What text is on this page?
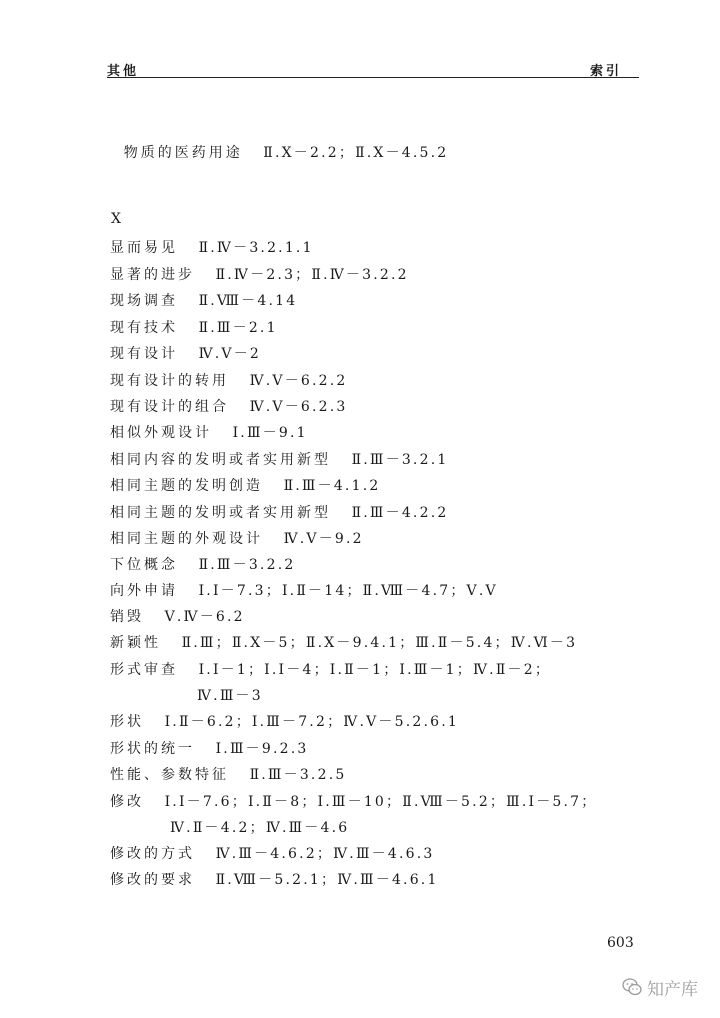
其他	索引

物质的医药用途 Ⅱ.Ⅹ－2.2；Ⅱ.Ⅹ－4.5.2

X
显而易见 Ⅱ.Ⅳ－3.2.1.1
显著的进步 Ⅱ.Ⅳ－2.3；Ⅱ.Ⅳ－3.2.2
现场调查 Ⅱ.Ⅷ－4.14
现有技术 Ⅱ.Ⅲ－2.1
现有设计 Ⅳ.Ⅴ－2
现有设计的转用 Ⅳ.Ⅴ－6.2.2
现有设计的组合 Ⅳ.Ⅴ－6.2.3
相似外观设计 Ⅰ.Ⅲ－9.1
相同内容的发明或者实用新型 Ⅱ.Ⅲ－3.2.1
相同主题的发明创造 Ⅱ.Ⅲ－4.1.2
相同主题的发明或者实用新型 Ⅱ.Ⅲ－4.2.2
相同主题的外观设计 Ⅳ.Ⅴ－9.2
下位概念 Ⅱ.Ⅲ－3.2.2
向外申请 Ⅰ.Ⅰ－7.3；Ⅰ.Ⅱ－14；Ⅱ.Ⅷ－4.7；Ⅴ.Ⅴ
销毁 Ⅴ.Ⅳ－6.2
新颖性 Ⅱ.Ⅲ；Ⅱ.Ⅹ－5；Ⅱ.Ⅹ－9.4.1；Ⅲ.Ⅱ－5.4；Ⅳ.Ⅵ－3
形式审查 Ⅰ.Ⅰ－1；Ⅰ.Ⅰ－4；Ⅰ.Ⅱ－1；Ⅰ.Ⅲ－1；Ⅳ.Ⅱ－2；
Ⅳ.Ⅲ－3
形状 Ⅰ.Ⅱ－6.2；Ⅰ.Ⅲ－7.2；Ⅳ.Ⅴ－5.2.6.1
形状的统一 Ⅰ.Ⅲ－9.2.3
性能、参数特征 Ⅱ.Ⅲ－3.2.5
修改 Ⅰ.Ⅰ－7.6；Ⅰ.Ⅱ－8；Ⅰ.Ⅲ－10；Ⅱ.Ⅷ－5.2；Ⅲ.Ⅰ－5.7；
Ⅳ.Ⅱ－4.2；Ⅳ.Ⅲ－4.6
修改的方式 Ⅳ.Ⅲ－4.6.2；Ⅳ.Ⅲ－4.6.3
修改的要求 Ⅱ.Ⅷ－5.2.1；Ⅳ.Ⅲ－4.6.1
603
知产库
